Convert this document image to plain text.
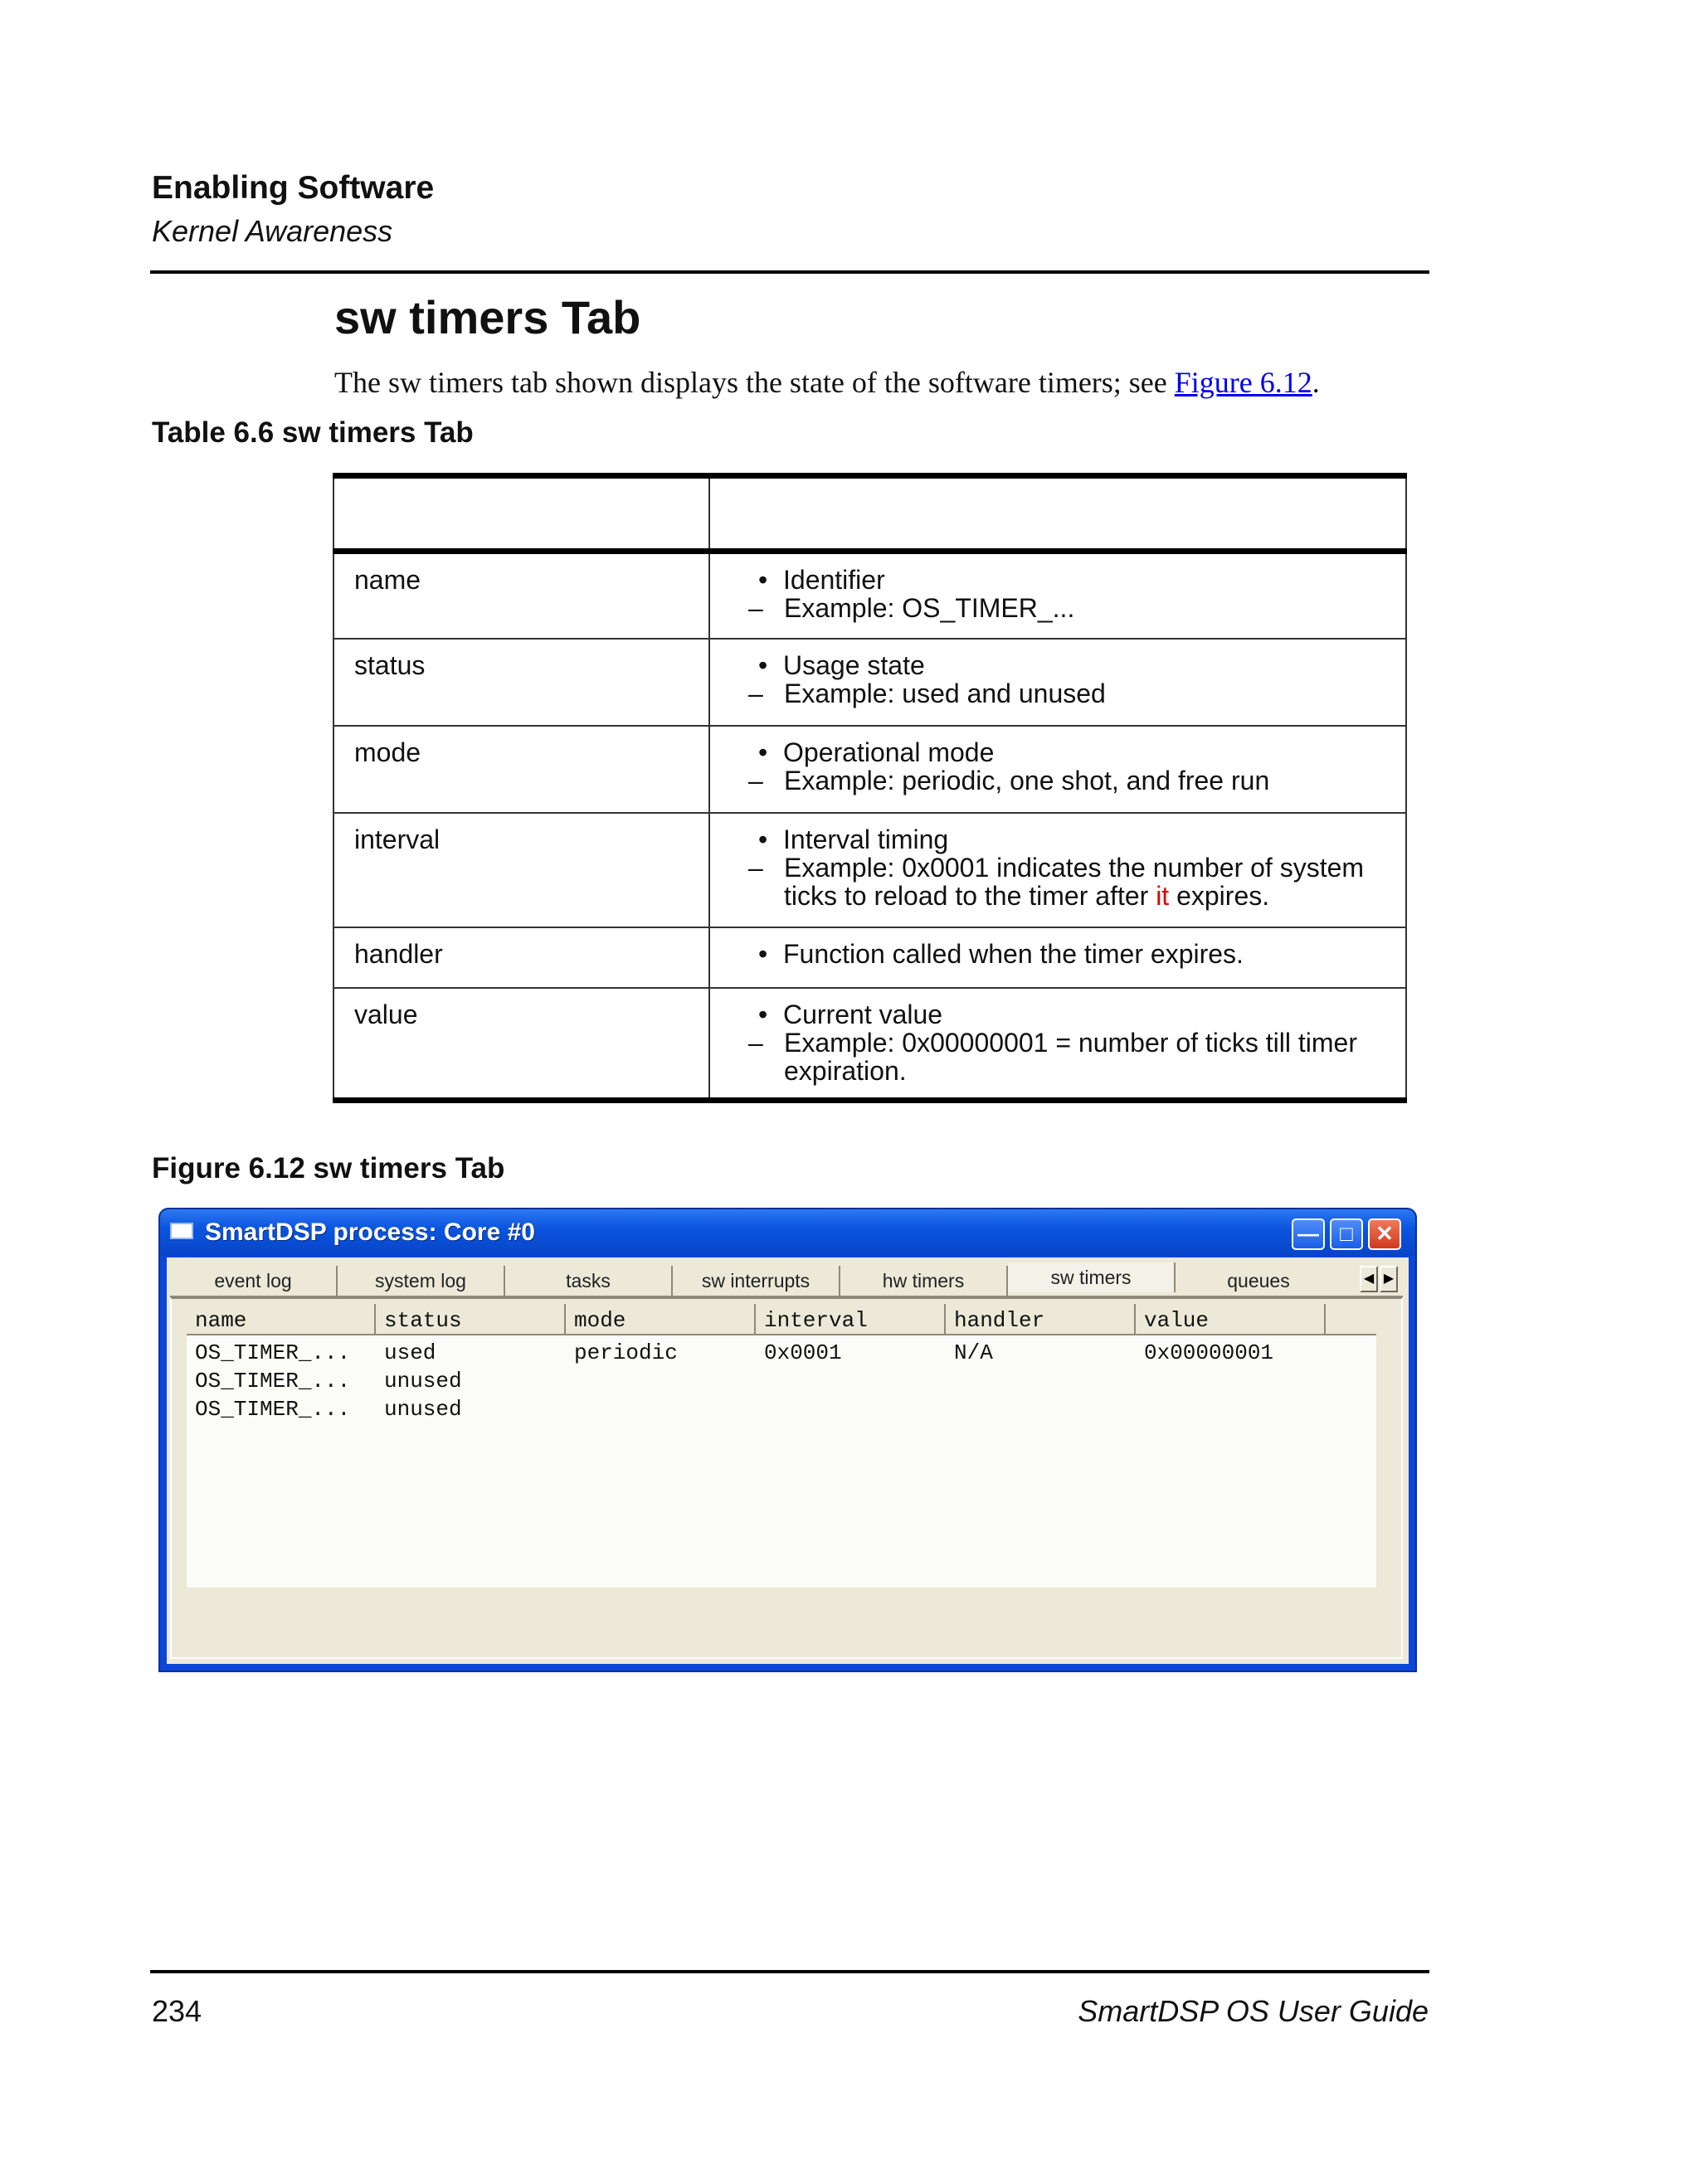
Enabling Software
Kernel Awareness
sw timers Tab
The sw timers tab shown displays the state of the software timers; see Figure 6.12.
Table 6.6 sw timers Tab

name	• Identifier
– Example: OS_TIMER_...

status	• Usage state
– Example: used and unused

mode	• Operational mode
– Example: periodic, one shot, and free run

interval	• Interval timing
– Example: 0x0001 indicates the number of system ticks to reload to the timer after it expires.

handler	• Function called when the timer expires.

value	• Current value
– Example: 0x00000001 = number of ticks till timer expiration.
Figure 6.12 sw timers Tab
SmartDSP process: Core #0	― □	✕
event log	system log	tasks	sw interrupts	hw timers	sw timers	queues	◀ ▶
name	status	mode	interval	handler	value
OS_TIMER_...	used	periodic	0x0001	N/A	0x00000001
OS_TIMER_...	unused
OS_TIMER_...	unused
234	SmartDSP OS User Guide
